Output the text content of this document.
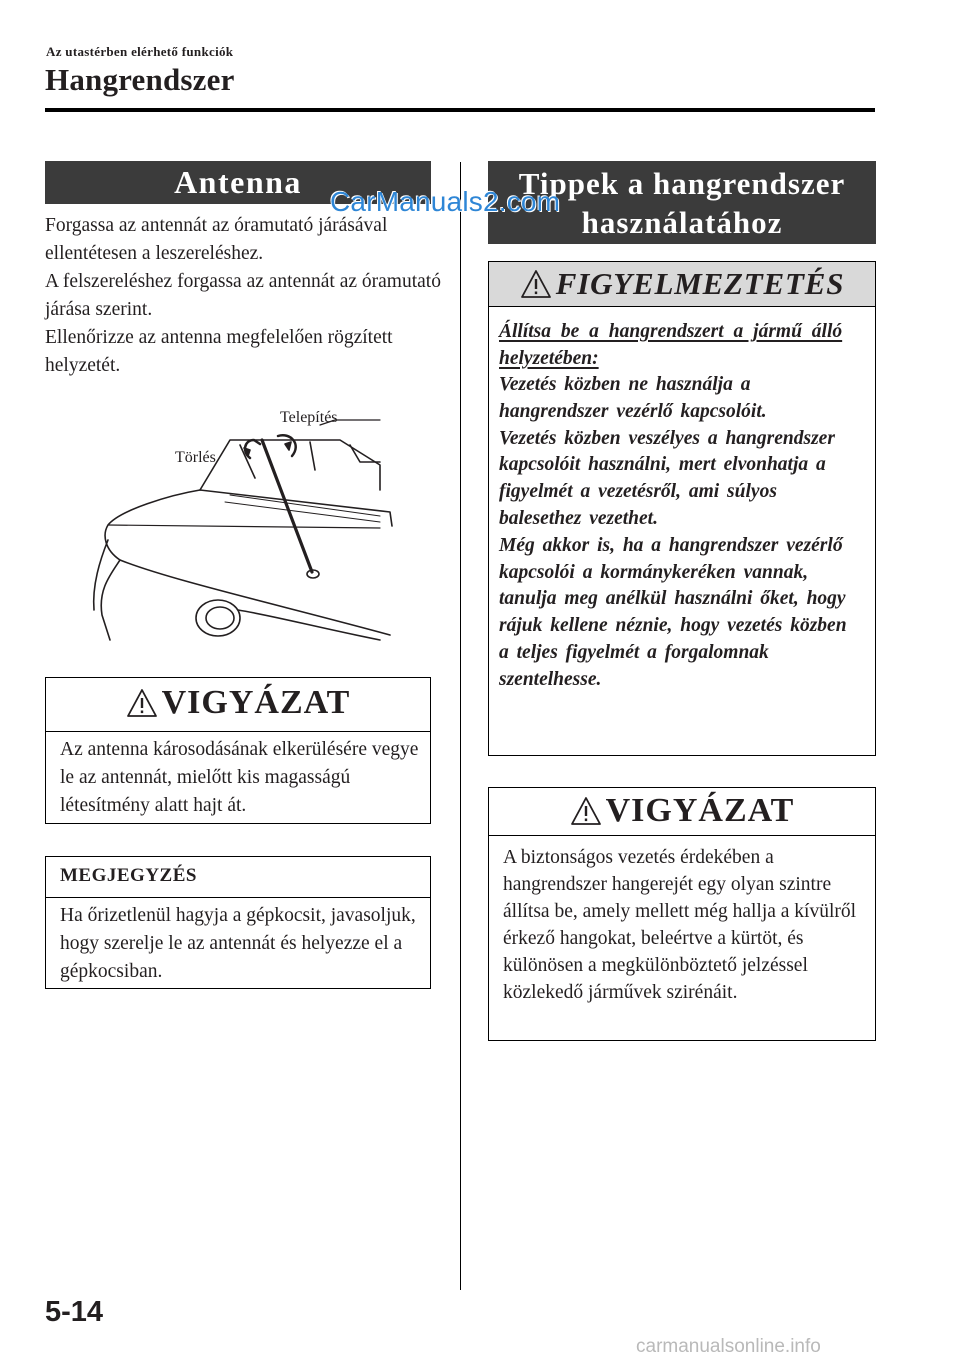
Az utastérben elérhető funkciók
Hangrendszer
Antenna
Forgassa az antennát az óramutató járásával ellentétesen a leszereléshez.
A felszereléshez forgassa az antennát az óramutató járása szerint.
Ellenőrizze az antenna megfelelően rögzített helyzetét.
Telepítés
Törlés
VIGYÁZAT
Az antenna károsodásának elkerülésére vegye le az antennát, mielőtt kis magasságú létesítmény alatt hajt át.
MEGJEGYZÉS
Ha őrizetlenül hagyja a gépkocsit, javasoljuk, hogy szerelje le az antennát és helyezze el a gépkocsiban.
Tippek a hangrendszer használatához
FIGYELMEZTETÉS
Állítsa be a hangrendszert a jármű álló helyzetében:
Vezetés közben ne használja a hangrendszer vezérlő kapcsolóit.
Vezetés közben veszélyes a hangrendszer kapcsolóit használni, mert elvonhatja a figyelmét a vezetésről, ami súlyos balesethez vezethet.
Még akkor is, ha a hangrendszer vezérlő kapcsolói a kormánykeréken vannak, tanulja meg anélkül használni őket, hogy rájuk kellene néznie, hogy vezetés közben a teljes figyelmét a forgalomnak szentelhesse.
VIGYÁZAT
A biztonságos vezetés érdekében a hangrendszer hangerejét egy olyan szintre állítsa be, amely mellett még hallja a kívülről érkező hangokat, beleértve a kürtöt, és különösen a megkülönböztető jelzéssel közlekedő járművek szirénáit.
5-14
CarManuals2.com
carmanualsonline.info
